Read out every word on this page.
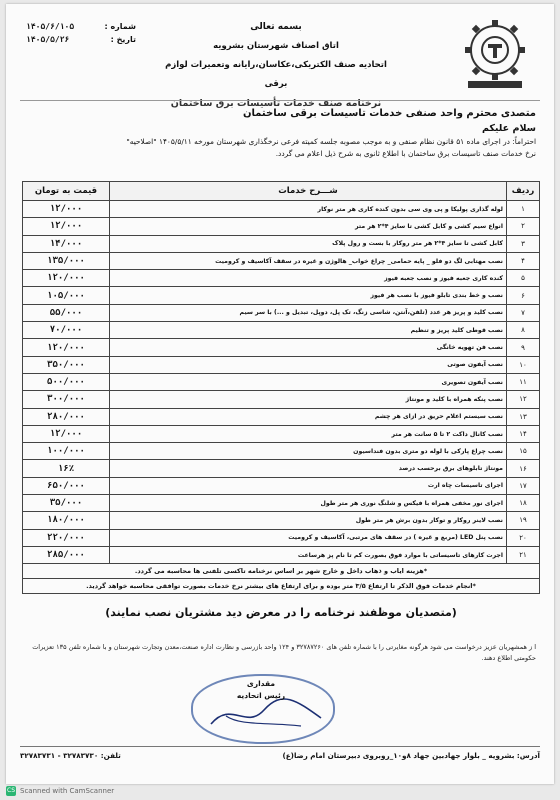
بسمه تعالی
اتاق اصناف شهرستان بشرویه
اتحادیه صنف الکتریکی،عکاسان،رایانه وتعمیرات لوازم برقی
نرخنامه صنف خدمات تأسیسات برق ساختمان
شماره :
۱۴۰۵/۶/۱۰۵
تاریخ :
۱۴۰۵/۵/۲۶
متصدی محترم واحد صنفی خدمات تاسیسات برقی ساختمان
سلام علیکم
احتراماً: در اجرای ماده ۵۱ قانون نظام صنفی و به موجب مصوبه جلسه کمیته فرعی نرخگذاری شهرستان مورخه ۱۴۰۵/۵/۱۱ "اصلاحیه"
نرخ خدمات صنف تاسیسات برق ساختمان با اطلاع ثانوی به شرح ذیل اعلام می گردد.
ردیف	شـــرح خدمات	قیمت به تومان
۱	لوله گذاری پولیکا و پی وی سی بدون کنده کاری هر متر نوکار	۱۲/۰۰۰
۲	انواع سیم کشی و کابل کشی تا سایز ۴*۲ هر متر	۱۲/۰۰۰
۳	کابل کشی تا سایز ۴*۲ هر متر روکار با بست و رول پلاک	۱۴/۰۰۰
۴	نصب مهتابی لگ دو فلو _ پایه حمامی_ چراغ خواب_ هالوژن و غیره در سقف آکاسیف و کرومیت	۱۳۵/۰۰۰
۵	کنده کاری جعبه فیوز و نصب جعبه فیوز	۱۲۰/۰۰۰
۶	نصب و خط بندی تابلو فیوز با نصب هر فیوز	۱۰۵/۰۰۰
۷	نصب کلید و پریز هر عدد (تلفن،آنتن، شاسی زنگ، تک پل، دوپل، تبدیل و ...) با سر سیم	۵۵/۰۰۰
۸	نصب قوطی کلید پریز و تنظیم	۷۰/۰۰۰
۹	نصب فن تهویه خانگی	۱۲۰/۰۰۰
۱۰	نصب آیفون صوتی	۳۵۰/۰۰۰
۱۱	نصب آیفون تصویری	۵۰۰/۰۰۰
۱۲	نصب پنکه همراه با کلید و مونتاژ	۳۰۰/۰۰۰
۱۳	نصب سیستم اعلام حریق در ازای هر چشم	۲۸۰/۰۰۰
۱۴	نصب کانال داکت ۲ تا ۵ سانت هر متر	۱۲/۰۰۰
۱۵	نصب چراغ پارکی با لوله دو متری بدون فنداسیون	۱۰۰/۰۰۰
۱۶	مونتاژ تابلوهای برق برحسب درصد	۱۶٪
۱۷	اجرای تاسیسات چاه ارت	۶۵۰/۰۰۰
۱۸	اجرای نور مخفی همراه با فیکس و شلنگ نوری هر متر طول	۳۵/۰۰۰
۱۹	نصب لاینر روکار و توکار بدون برش هر متر طول	۱۸۰/۰۰۰
۲۰	نصب پنل LED (مربع و غیره ) در سقف های مرتبی، آکاسیف و کرومیت	۲۲۰/۰۰۰
۲۱	اجرت کارهای تاسیساتی با موارد فوق بصورت کم تا نام پز هرساعت	۲۸۵/۰۰۰
*هزینه ایاب و ذهاب داخل و خارج شهر بر اساس نرخنامه تاکسی تلفنی ها محاسبه می گردد.		
*انجام خدمات فوق الذکر تا ارتفاع ۳/۵ متر بوده و برای ارتفاع های بیشتر نرخ خدمات بصورت توافقی محاسبه خواهد گردید.		
(متصدیان موظفند نرخنامه را در معرض دید مشتریان نصب نمایند)
ا ز همشهریان عزیز درخواست می شود هرگونه مغایرتی را با شماره تلفن های ۳۲۷۸۷۲۶۰ و ۱۲۴ واحد بازرسی و نظارت اداره صنعت،معدن وتجارت شهرستان و با شماره تلفن ۱۳۵ تعزیرات حکومتی اطلاع دهند.
مقداری
رئیس اتحادیه
آدرس: بشرویه _ بلوار جهادبین جهاد ۸و۱۰_روبروی دبیرستان امام رضا(ع)
تلفن: ۳۲۷۸۳۷۳۰ - ۳۲۷۸۳۷۳۱
CS Scanned with CamScanner
